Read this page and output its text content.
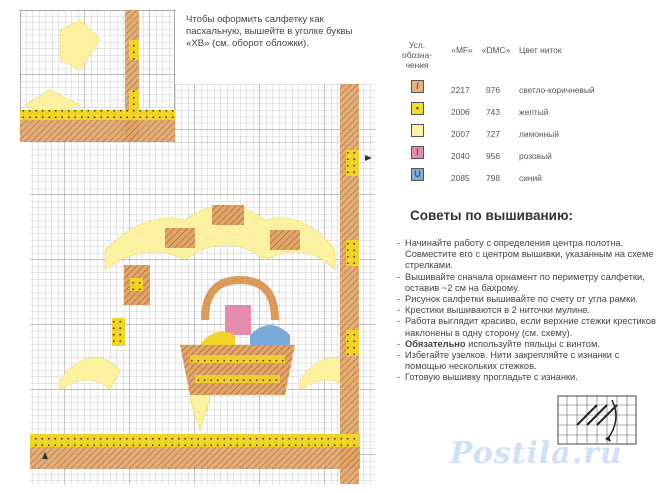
Чтобы оформить салфетку как пасхальную, вышейте в уголке буквы «ХВ» (см. оборот обложки).	Усл. обозна- чения
«MF»	«DMC»	Цвет ниток
/	2217 976 светло-коричневый
•	2006 743 желтый
2007 727 лимонный
I	2040 956 розовый
U	2085 798 синий
Советы по вышиванию:
- Начинайте работу с определения центра полотна. Совместите его с центром вышивки, указанным на схеме стрелками.
- Вышивайте сначала орнамент по периметру салфетки, оставив ~2 см на бахрому.
- Рисунок салфетки вышивайте по счету от угла рамки.
- Крестики вышиваются в 2 ниточки мулине.
- Работа выглядит красиво, если верхние стежки крестиков наклонены в одну сторону (см. схему).
- Обязательно используйте пяльцы с винтом.
- Избегайте узелков. Нити закрепляйте с изнанки с помощью нескольких стежков.
- Готовую вышивку прогладьте с изнанки.
Postila.ru
